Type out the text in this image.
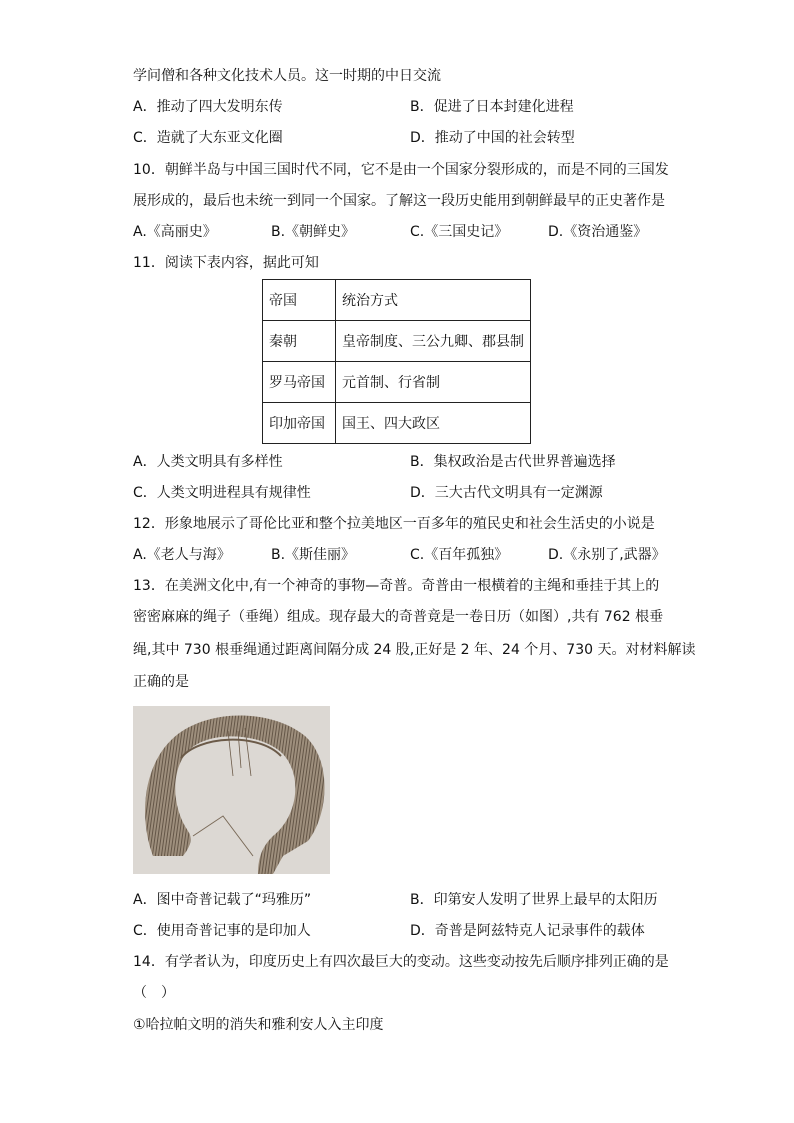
学问僧和各种文化技术人员。这一时期的中日交流
A．推动了四大发明东传	B．促进了日本封建化进程
C．造就了大东亚文化圈	D．推动了中国的社会转型
10．朝鲜半岛与中国三国时代不同，它不是由一个国家分裂形成的，而是不同的三国发
展形成的，最后也未统一到同一个国家。了解这一段历史能用到朝鲜最早的正史著作是
A.《高丽史》	B.《朝鲜史》	C.《三国史记》	D.《资治通鉴》
11．阅读下表内容，据此可知
帝国	统治方式
秦朝	皇帝制度、三公九卿、郡县制
罗马帝国	元首制、行省制
印加帝国	国王、四大政区
A．人类文明具有多样性	B．集权政治是古代世界普遍选择
C．人类文明进程具有规律性	D．三大古代文明具有一定渊源
12．形象地展示了哥伦比亚和整个拉美地区一百多年的殖民史和社会生活史的小说是
A.《老人与海》	B.《斯佳丽》	C.《百年孤独》	D.《永别了,武器》
13．在美洲文化中,有一个神奇的事物—奇普。奇普由一根横着的主绳和垂挂于其上的
密密麻麻的绳子（垂绳）组成。现存最大的奇普竟是一卷日历（如图）,共有 762 根垂
绳,其中 730 根垂绳通过距离间隔分成 24 股,正好是 2 年、24 个月、730 天。对材料解读
正确的是
A．图中奇普记载了“玛雅历”	B．印第安人发明了世界上最早的太阳历
C．使用奇普记事的是印加人	D．奇普是阿兹特克人记录事件的载体
14．有学者认为，印度历史上有四次最巨大的变动。这些变动按先后顺序排列正确的是
（　）
①哈拉帕文明的消失和雅利安人入主印度
